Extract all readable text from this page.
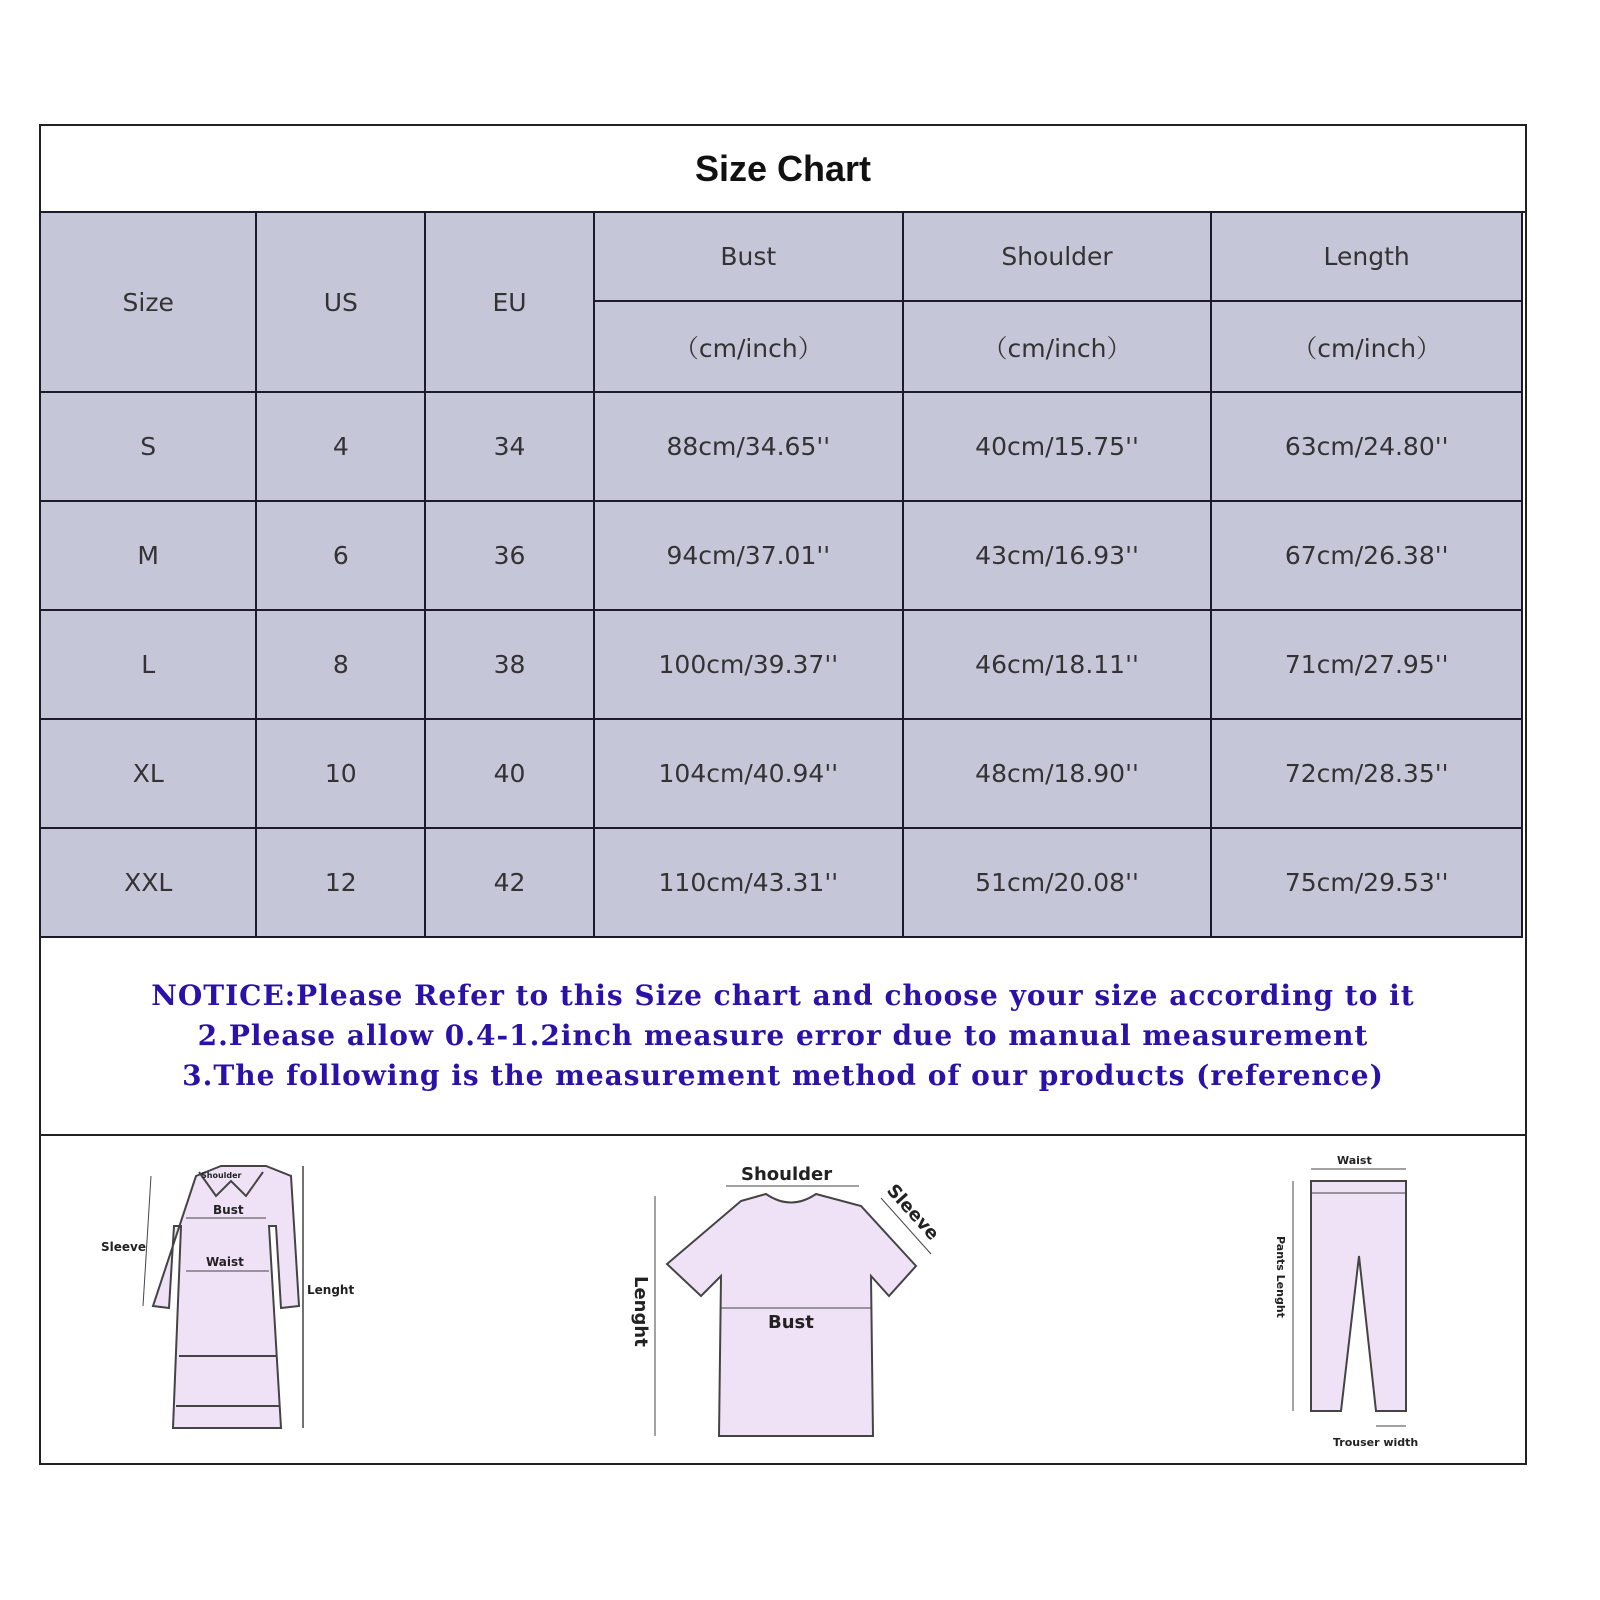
Size Chart
Size	US	EU	Bust	Shoulder	Length
			（cm/inch）	（cm/inch）	（cm/inch）
S	4	34	88cm/34.65''	40cm/15.75''	63cm/24.80''
M	6	36	94cm/37.01''	43cm/16.93''	67cm/26.38''
L	8	38	100cm/39.37''	46cm/18.11''	71cm/27.95''
XL	10	40	104cm/40.94''	48cm/18.90''	72cm/28.35''
XXL	12	42	110cm/43.31''	51cm/20.08''	75cm/29.53''
NOTICE:Please Refer to this Size chart and choose your size according to it
2.Please allow 0.4-1.2inch measure error due to manual measurement
3.The following is the measurement method of our products (reference)
Shoulder
Bust
Waist
Sleeve
Lenght
Shoulder
Sleeve
Bust
Lenght
Waist
Pants Lenght
Trouser width
